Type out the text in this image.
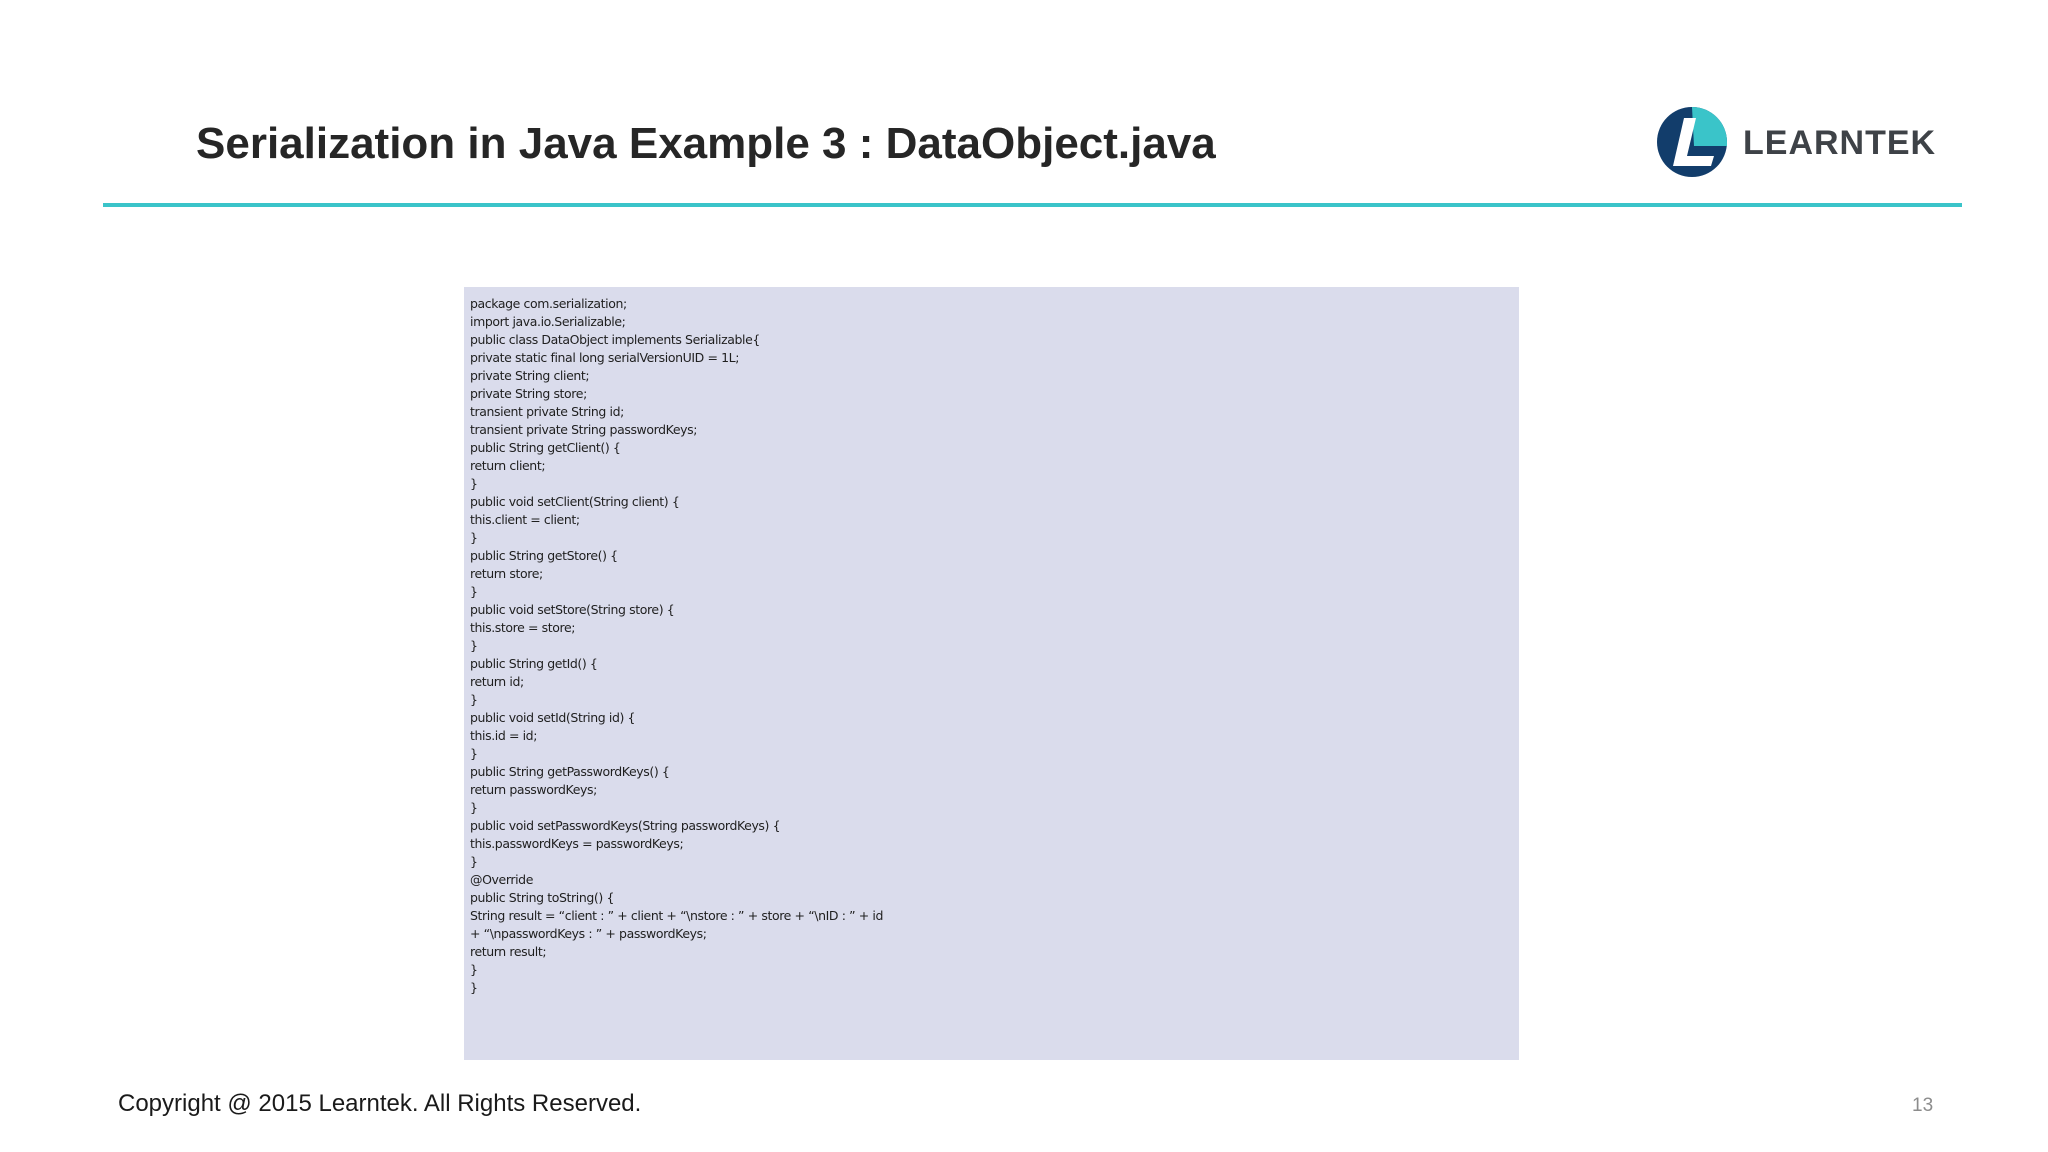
Serialization in Java Example 3 : DataObject.java	LEARNTEK
package com.serialization;
import java.io.Serializable;
public class DataObject implements Serializable{
private static final long serialVersionUID = 1L;
private String client;
private String store;
transient private String id;
transient private String passwordKeys;
public String getClient() {
return client;
}
public void setClient(String client) {
this.client = client;
}
public String getStore() {
return store;
}
public void setStore(String store) {
this.store = store;
}
public String getId() {
return id;
}
public void setId(String id) {
this.id = id;
}
public String getPasswordKeys() {
return passwordKeys;
}
public void setPasswordKeys(String passwordKeys) {
this.passwordKeys = passwordKeys;
}
@Override
public String toString() {
String result = “client : ” + client + “\nstore : ” + store + “\nID : ” + id
+ “\npasswordKeys : ” + passwordKeys;
return result;
}
}
Copyright @ 2015 Learntek. All Rights Reserved.	13
